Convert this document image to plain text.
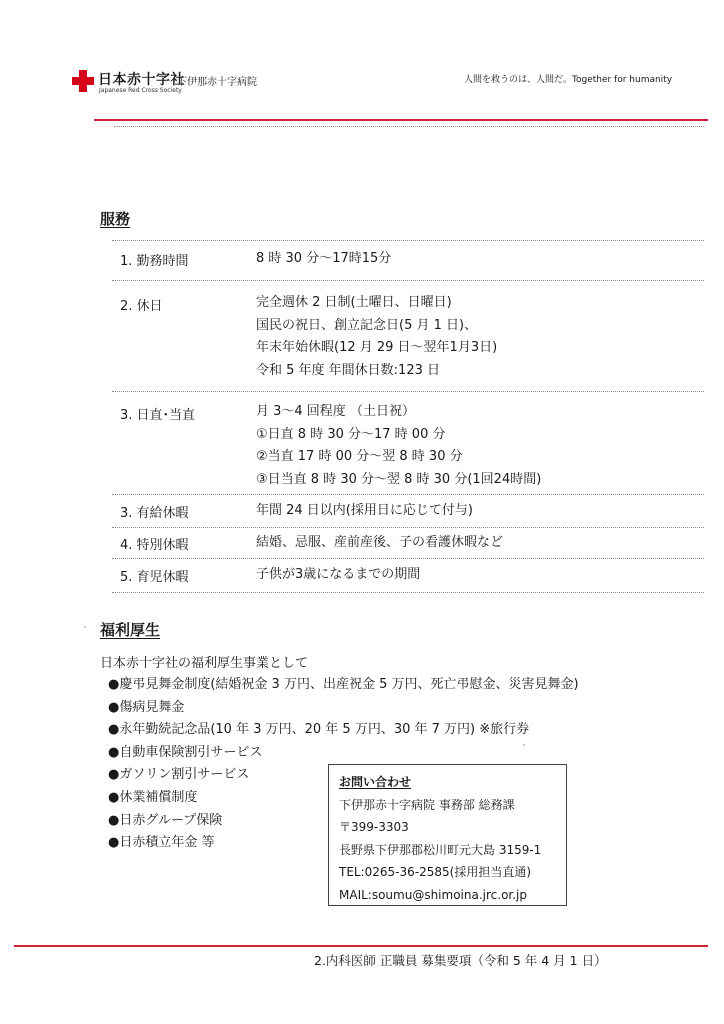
日本赤十字社
Japanese Red Cross Society
下伊那赤十字病院	人間を救うのは、人間だ。Together for humanity
服務
1. 勤務時間	8 時 30 分～17時15分
2. 休日	完全週休 2 日制(土曜日、日曜日)
国民の祝日、創立記念日(5 月 1 日)、
年末年始休暇(12 月 29 日～翌年1月3日)
令和 5 年度 年間休日数:123 日
3. 日直･当直	月 3～4 回程度 （土日祝）
①日直 8 時 30 分～17 時 00 分
②当直 17 時 00 分～翌 8 時 30 分
③日当直 8 時 30 分～翌 8 時 30 分(1回24時間)
3. 有給休暇	年間 24 日以内(採用日に応じて付与)
4. 特別休暇	結婚、忌服、産前産後、子の看護休暇など
5. 育児休暇	子供が3歳になるまでの期間
福利厚生
日本赤十字社の福利厚生事業として
●慶弔見舞金制度(結婚祝金 3 万円、出産祝金 5 万円、死亡弔慰金、災害見舞金)
●傷病見舞金
●永年勤続記念品(10 年 3 万円、20 年 5 万円、30 年 7 万円) ※旅行券
●自動車保険割引サービス
●ガソリン割引サービス
●休業補償制度
●日赤グループ保険
●日赤積立年金 等
お問い合わせ
下伊那赤十字病院 事務部 総務課
〒399-3303
長野県下伊那郡松川町元大島 3159-1
TEL:0265-36-2585(採用担当直通)
MAIL:soumu@shimoina.jrc.or.jp
2.内科医師 正職員 募集要項（令和 5 年 4 月 1 日）
